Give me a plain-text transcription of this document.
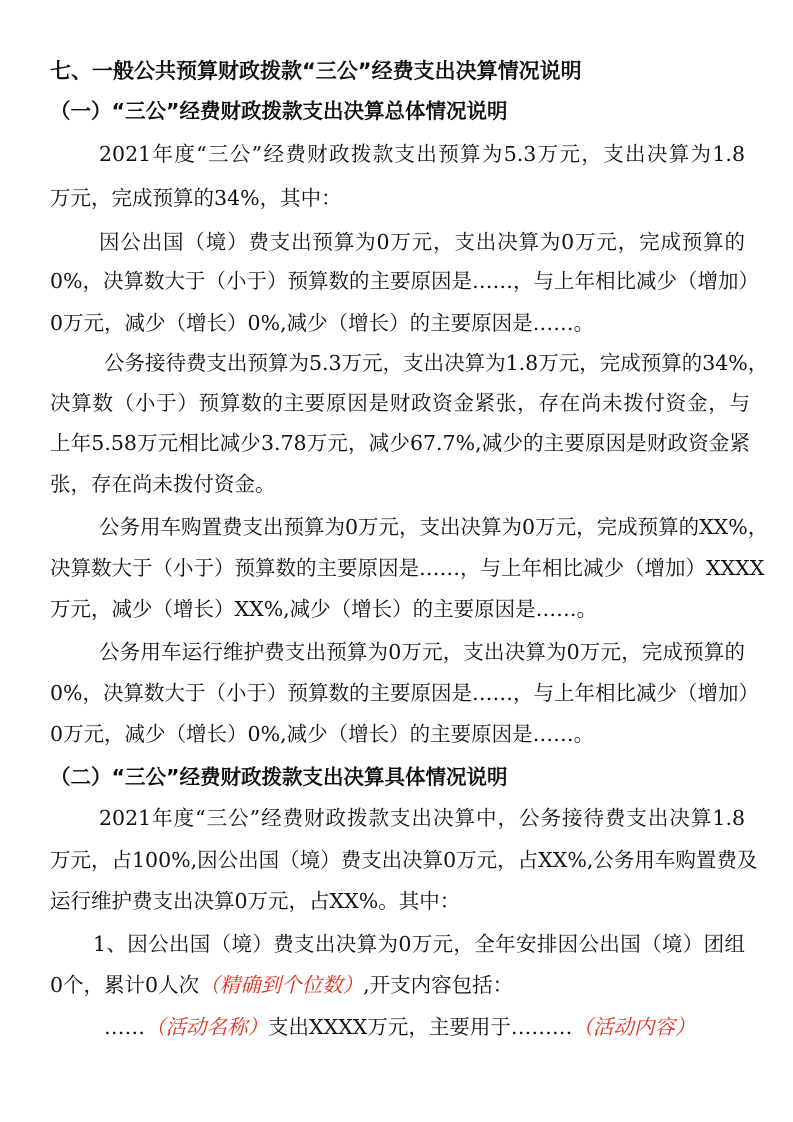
七、一般公共预算财政拨款“三公”经费支出决算情况说明
（一）“三公”经费财政拨款支出决算总体情况说明
2021年度“三公”经费财政拨款支出预算为5.3万元，支出决算为1.8
万元，完成预算的34%，其中：
因公出国（境）费支出预算为0万元，支出决算为0万元，完成预算的
0%，决算数大于（小于）预算数的主要原因是……，与上年相比减少（增加）
0万元，减少（增长）0%,减少（增长）的主要原因是……。
公务接待费支出预算为5.3万元，支出决算为1.8万元，完成预算的34%，
决算数（小于）预算数的主要原因是财政资金紧张，存在尚未拨付资金，与
上年5.58万元相比减少3.78万元，减少67.7%,减少的主要原因是财政资金紧
张，存在尚未拨付资金。
公务用车购置费支出预算为0万元，支出决算为0万元，完成预算的XX%，
决算数大于（小于）预算数的主要原因是……，与上年相比减少（增加）XXXX
万元，减少（增长）XX%,减少（增长）的主要原因是……。
公务用车运行维护费支出预算为0万元，支出决算为0万元，完成预算的
0%，决算数大于（小于）预算数的主要原因是……，与上年相比减少（增加）
0万元，减少（增长）0%,减少（增长）的主要原因是……。
（二）“三公”经费财政拨款支出决算具体情况说明
2021年度“三公”经费财政拨款支出决算中，公务接待费支出决算1.8
万元，占100%,因公出国（境）费支出决算0万元，占XX%,公务用车购置费及
运行维护费支出决算0万元，占XX%。其中：
1、因公出国（境）费支出决算为0万元，全年安排因公出国（境）团组
0个，累计0人次（精确到个位数）,开支内容包括：
……（活动名称）支出XXXX万元，主要用于………（活动内容）
